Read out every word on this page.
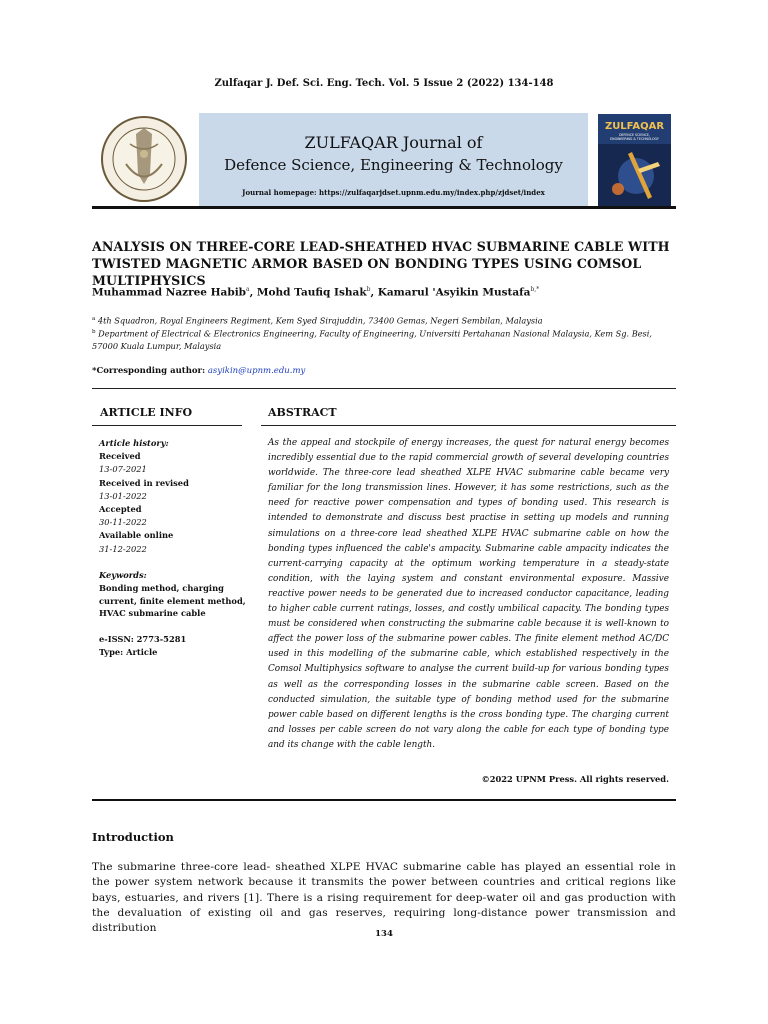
Zulfaqar J. Def. Sci. Eng. Tech. Vol. 5 Issue 2 (2022) 134-148
ZULFAQAR Journal of
Defence Science, Engineering & Technology
Journal homepage: https://zulfaqarjdset.upnm.edu.my/index.php/zjdset/index
ZULFAQAR
DEFENCE SCIENCE,
ENGINEERING & TECHNOLOGY
ANALYSIS ON THREE-CORE LEAD-SHEATHED HVAC SUBMARINE CABLE WITH TWISTED MAGNETIC ARMOR BASED ON BONDING TYPES USING COMSOL MULTIPHYSICS
Muhammad Nazree Habib$^a$, Mohd Taufiq Ishak$^b$, Kamarul 'Asyikin Mustafa$^{b,*}$
$^a$ 4th Squadron, Royal Engineers Regiment, Kem Syed Sirajuddin, 73400 Gemas, Negeri Sembilan, Malaysia
$^b$ Department of Electrical & Electronics Engineering, Faculty of Engineering, Universiti Pertahanan Nasional Malaysia, Kem Sg. Besi, 57000 Kuala Lumpur, Malaysia
*Corresponding author: asyikin@upnm.edu.my
ARTICLE INFO	ABSTRACT
Article history:
Received
13-07-2021
Received in revised
13-01-2022
Accepted
30-11-2022
Available online
31-12-2022
Keywords:
Bonding method, charging current, finite element method, HVAC submarine cable
e-ISSN: 2773-5281
Type: Article
As the appeal and stockpile of energy increases, the quest for natural energy becomes incredibly essential due to the rapid commercial growth of several developing countries worldwide. The three-core lead sheathed XLPE HVAC submarine cable became very familiar for the long transmission lines. However, it has some restrictions, such as the need for reactive power compensation and types of bonding used. This research is intended to demonstrate and discuss best practise in setting up models and running simulations on a three-core lead sheathed XLPE HVAC submarine cable on how the bonding types influenced the cable's ampacity. Submarine cable ampacity indicates the current-carrying capacity at the optimum working temperature in a steady-state condition, with the laying system and constant environmental exposure. Massive reactive power needs to be generated due to increased conductor capacitance, leading to higher cable current ratings, losses, and costly umbilical capacity. The bonding types must be considered when constructing the submarine cable because it is well-known to affect the power loss of the submarine power cables. The finite element method AC/DC used in this modelling of the submarine cable, which established respectively in the Comsol Multiphysics software to analyse the current build-up for various bonding types as well as the corresponding losses in the submarine cable screen. Based on the conducted simulation, the suitable type of bonding method used for the submarine power cable based on different lengths is the cross bonding type. The charging current and losses per cable screen do not vary along the cable for each type of bonding type and its change with the cable length.
©2022 UPNM Press. All rights reserved.
Introduction
The submarine three-core lead- sheathed XLPE HVAC submarine cable has played an essential role in the power system network because it transmits the power between countries and critical regions like bays, estuaries, and rivers [1]. There is a rising requirement for deep-water oil and gas production with the devaluation of existing oil and gas reserves, requiring long-distance power transmission and distribution	134
